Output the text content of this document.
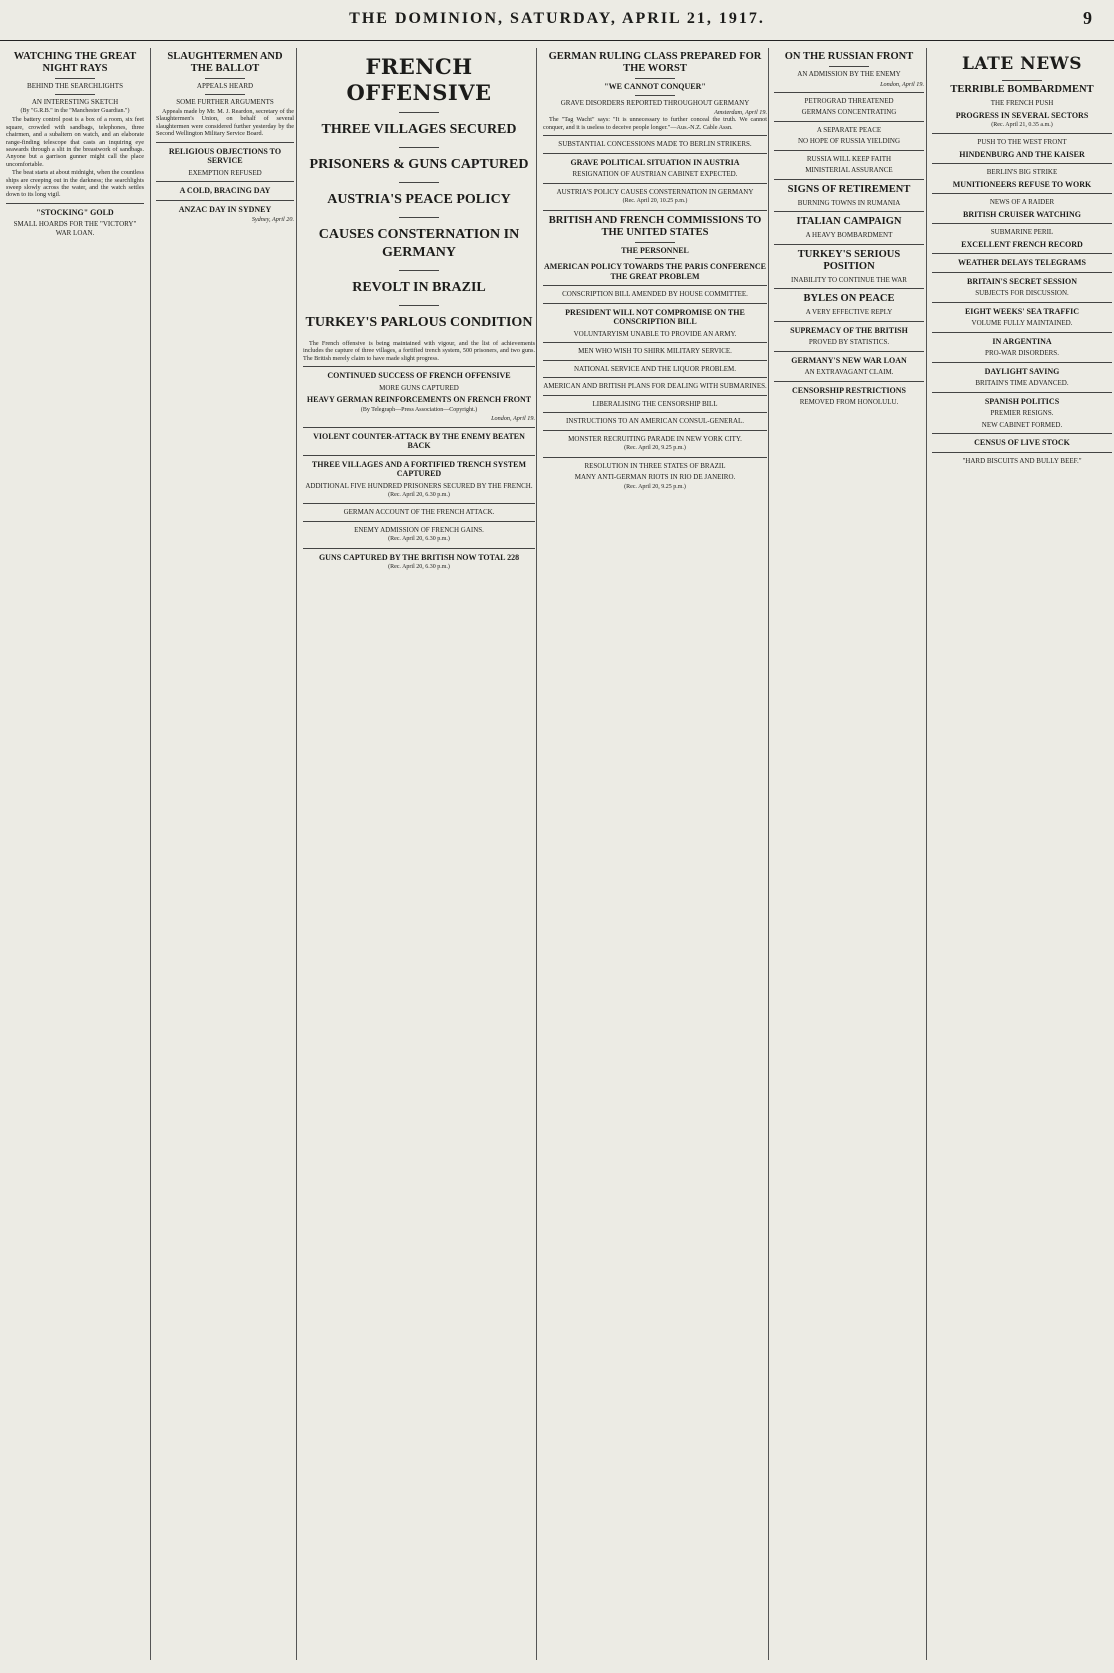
THE DOMINION, SATURDAY, APRIL 21, 1917.	9
WATCHING THE GREAT NIGHT RAYS
BEHIND THE SEARCHLIGHTS
AN INTERESTING SKETCH
(By "G.R.B." in the "Manchester Guardian.")

The battery control post is a box of a room, six feet square, crowded with sandbags, telephones, three chairmen, and a subaltern on watch, and an elaborate range-finding telescope that casts an inquiring eye seawards through a slit in the breastwork of sandbags. Anyone but a garrison gunner might call the place uncomfortable.

The beat starts at about midnight, when the countless ships are creeping out in the darkness; the searchlights sweep slowly across the water, and the watch settles down to its long vigil.

"STOCKING" GOLD
SMALL HOARDS FOR THE "VICTORY" WAR LOAN.
SLAUGHTERMEN AND THE BALLOT
APPEALS HEARD
SOME FURTHER ARGUMENTS

Appeals made by Mr. M. J. Reardon, secretary of the Slaughtermen's Union, on behalf of several slaughtermen were considered further yesterday by the Second Wellington Military Service Board.

RELIGIOUS OBJECTIONS TO SERVICE
EXEMPTION REFUSED
A COLD, BRACING DAY
ANZAC DAY IN SYDNEY
Sydney, April 20.
FRENCH OFFENSIVE
THREE VILLAGES SECURED
PRISONERS & GUNS CAPTURED
AUSTRIA'S PEACE POLICY
CAUSES CONSTERNATION IN GERMANY
REVOLT IN BRAZIL
TURKEY'S PARLOUS CONDITION

The French offensive is being maintained with vigour, and the list of achievements includes the capture of three villages, a fortified trench system, 500 prisoners, and two guns. The British merely claim to have made slight progress.

CONTINUED SUCCESS OF FRENCH OFFENSIVE
MORE GUNS CAPTURED
HEAVY GERMAN REINFORCEMENTS ON FRENCH FRONT
(By Telegraph—Press Association—Copyright.)
London, April 19.
VIOLENT COUNTER-ATTACK BY THE ENEMY BEATEN BACK
THREE VILLAGES AND A FORTIFIED TRENCH SYSTEM CAPTURED
ADDITIONAL FIVE HUNDRED PRISONERS SECURED BY THE FRENCH.
(Rec. April 20, 6.30 p.m.)
GERMAN ACCOUNT OF THE FRENCH ATTACK.
ENEMY ADMISSION OF FRENCH GAINS.
(Rec. April 20, 6.30 p.m.)
GUNS CAPTURED BY THE BRITISH NOW TOTAL 228
(Rec. April 20, 6.30 p.m.)
GERMAN RULING CLASS PREPARED FOR THE WORST
"WE CANNOT CONQUER"
GRAVE DISORDERS REPORTED THROUGHOUT GERMANY
Amsterdam, April 19.

The "Tag Wacht" says: "It is unnecessary to further conceal the truth. We cannot conquer, and it is useless to deceive people longer."—Aus.-N.Z. Cable Assn.

SUBSTANTIAL CONCESSIONS MADE TO BERLIN STRIKERS.
GRAVE POLITICAL SITUATION IN AUSTRIA
RESIGNATION OF AUSTRIAN CABINET EXPECTED.
AUSTRIA'S POLICY CAUSES CONSTERNATION IN GERMANY
(Rec. April 20, 10.25 p.m.)
BRITISH AND FRENCH COMMISSIONS TO THE UNITED STATES
THE PERSONNEL
AMERICAN POLICY TOWARDS THE PARIS CONFERENCE THE GREAT PROBLEM
CONSCRIPTION BILL AMENDED BY HOUSE COMMITTEE.
PRESIDENT WILL NOT COMPROMISE ON THE CONSCRIPTION BILL
VOLUNTARYISM UNABLE TO PROVIDE AN ARMY.
MEN WHO WISH TO SHIRK MILITARY SERVICE.
NATIONAL SERVICE AND THE LIQUOR PROBLEM.
AMERICAN AND BRITISH PLANS FOR DEALING WITH SUBMARINES.
LIBERALISING THE CENSORSHIP BILL
INSTRUCTIONS TO AN AMERICAN CONSUL-GENERAL.
MONSTER RECRUITING PARADE IN NEW YORK CITY.
(Rec. April 20, 9.25 p.m.)
RESOLUTION IN THREE STATES OF BRAZIL
MANY ANTI-GERMAN RIOTS IN RIO DE JANEIRO.
(Rec. April 20, 9.25 p.m.)
ON THE RUSSIAN FRONT
AN ADMISSION BY THE ENEMY
London, April 19.
PETROGRAD THREATENED
GERMANS CONCENTRATING
A SEPARATE PEACE
NO HOPE OF RUSSIA YIELDING
RUSSIA WILL KEEP FAITH
MINISTERIAL ASSURANCE
SIGNS OF RETIREMENT
BURNING TOWNS IN RUMANIA
ITALIAN CAMPAIGN
A HEAVY BOMBARDMENT
TURKEY'S SERIOUS POSITION
INABILITY TO CONTINUE THE WAR
BYLES ON PEACE
A VERY EFFECTIVE REPLY
SUPREMACY OF THE BRITISH
PROVED BY STATISTICS.
GERMANY'S NEW WAR LOAN
AN EXTRAVAGANT CLAIM.
CENSORSHIP RESTRICTIONS
REMOVED FROM HONOLULU.
LATE NEWS
TERRIBLE BOMBARDMENT
THE FRENCH PUSH
PROGRESS IN SEVERAL SECTORS
(Rec. April 21, 0.35 a.m.)
PUSH TO THE WEST FRONT
HINDENBURG AND THE KAISER
BERLIN'S BIG STRIKE
MUNITIONEERS REFUSE TO WORK
NEWS OF A RAIDER
BRITISH CRUISER WATCHING
SUBMARINE PERIL
EXCELLENT FRENCH RECORD
WEATHER DELAYS TELEGRAMS
BRITAIN'S SECRET SESSION
SUBJECTS FOR DISCUSSION.
EIGHT WEEKS' SEA TRAFFIC
VOLUME FULLY MAINTAINED.
IN ARGENTINA
PRO-WAR DISORDERS.
DAYLIGHT SAVING
BRITAIN'S TIME ADVANCED.
SPANISH POLITICS
PREMIER RESIGNS.
NEW CABINET FORMED.
CENSUS OF LIVE STOCK
"HARD BISCUITS AND BULLY BEEF."
